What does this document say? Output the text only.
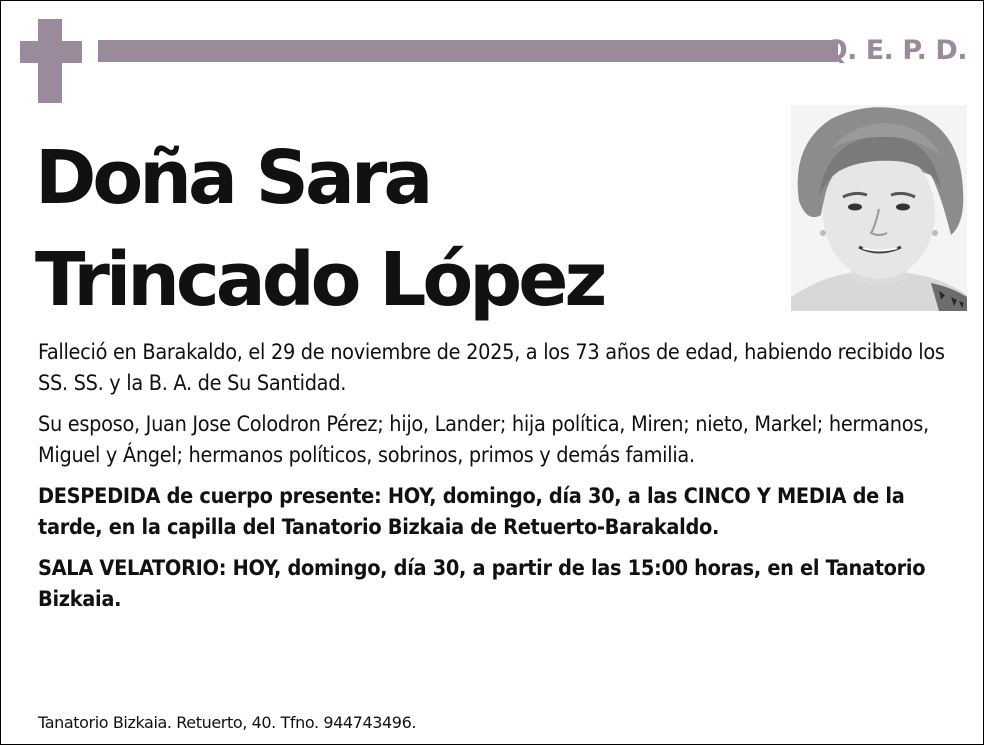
Q. E. P. D.
Doña Sara
Trincado López

Falleció en Barakaldo, el 29 de noviembre de 2025, a los 73 años de edad, habiendo recibido los SS. SS. y la B. A. de Su Santidad.

Su esposo, Juan Jose Colodron Pérez; hijo, Lander; hija política, Miren; nieto, Markel; hermanos, Miguel y Ángel; hermanos políticos, sobrinos, primos y demás familia.

DESPEDIDA de cuerpo presente: HOY, domingo, día 30, a las CINCO Y MEDIA de la tarde, en la capilla del Tanatorio Bizkaia de Retuerto-Barakaldo.

SALA VELATORIO: HOY, domingo, día 30, a partir de las 15:00 horas, en el Tanatorio Bizkaia.

Tanatorio Bizkaia. Retuerto, 40. Tfno. 944743496.
